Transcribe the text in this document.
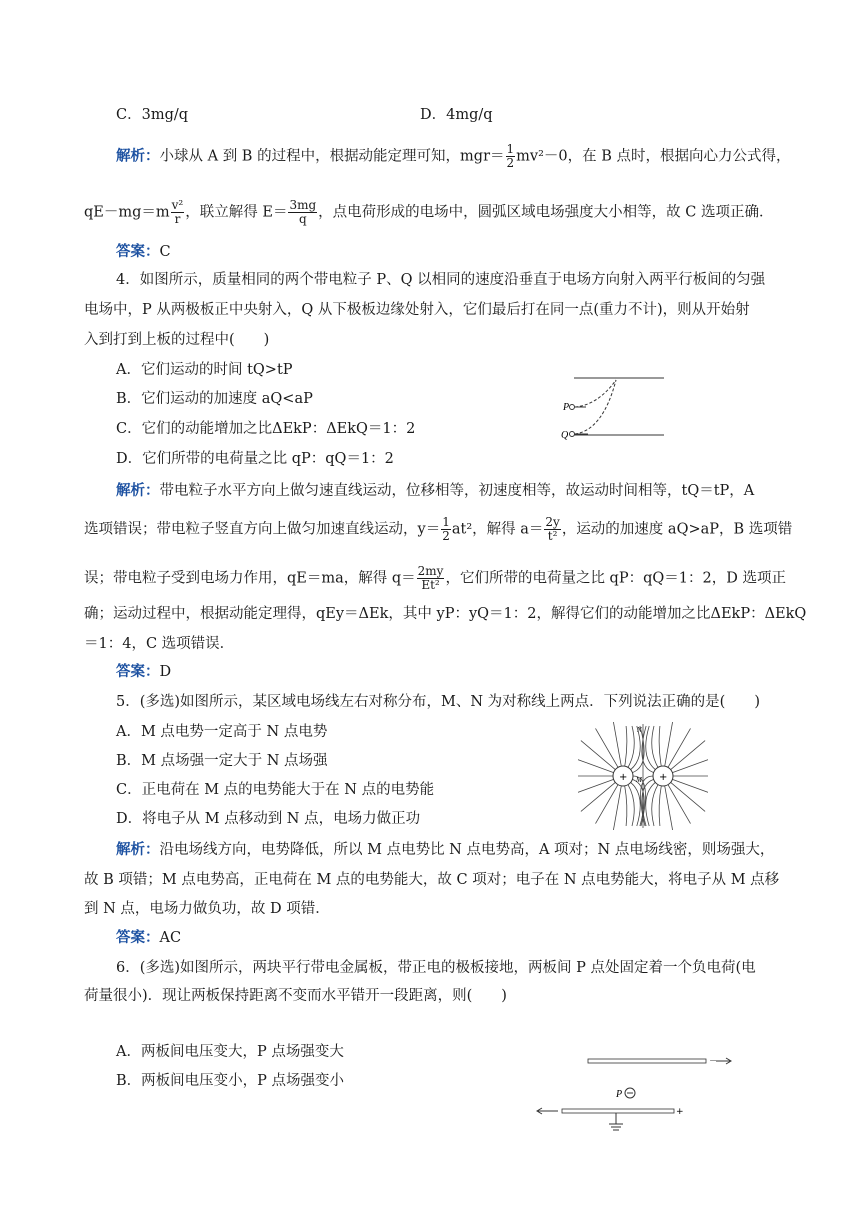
C．3mg/q	D．4mg/q
解析：小球从 A 到 B 的过程中，根据动能定理可知，$mgr= \frac{1}{2} mv^2-0$，在 B 点时，根据向心力公式得，
$qE-mg=m \frac{\text{v²}}{r}$ ，联立解得 $E= \frac{3mg}{q}$ ，点电荷形成的电场中，圆弧区域电场强度大小相等，故 C 选项正确．
答案：C
4．如图所示，质量相同的两个带电粒子 P、Q 以相同的速度沿垂直于电场方向射入两平行板间的匀强
电场中，P 从两极板正中央射入，Q 从下极板边缘处射入，它们最后打在同一点(重力不计)，则从开始射
入到打到上板的过程中(　　)
A．它们运动的时间 tQ>tP
B．它们运动的加速度 aQ<aP
C．它们的动能增加之比ΔEkP：ΔEkQ＝1：2
D．它们所带的电荷量之比 qP：qQ＝1：2
P
Q
解析：带电粒子水平方向上做匀速直线运动，位移相等，初速度相等，故运动时间相等，tQ＝tP，A
选项错误；带电粒子竖直方向上做匀加速直线运动，$y= \frac{1}{2} at^2$，解得 $a= \frac{2y}{\text{t²}}$ ，运动的加速度 aQ>aP，B 选项错
误；带电粒子受到电场力作用，qE＝ma，解得 $q= \frac{2my}{\text{Et²}}$ ，它们所带的电荷量之比 qP：qQ＝1：2，D 选项正
确；运动过程中，根据动能定理得，qEy＝ΔEk，其中 yP：yQ＝1：2，解得它们的动能增加之比ΔEkP：ΔEkQ
＝1：4，C 选项错误．
答案：D
5．(多选)如图所示，某区域电场线左右对称分布，M、N 为对称线上两点．下列说法正确的是(　　)
A．M 点电势一定高于 N 点电势
B．M 点场强一定大于 N 点场强
C．正电荷在 M 点的电势能大于在 N 点的电势能
D．将电子从 M 点移动到 N 点，电场力做正功
N
M
+	+
解析：沿电场线方向，电势降低，所以 M 点电势比 N 点电势高，A 项对；N 点电场线密，则场强大，
故 B 项错；M 点电势高，正电荷在 M 点的电势能大，故 C 项对；电子在 N 点电势能大，将电子从 M 点移
到 N 点，电场力做负功，故 D 项错．
答案：AC
6．(多选)如图所示，两块平行带电金属板，带正电的极板接地，两板间 P 点处固定着一个负电荷(电
荷量很小)．现让两板保持距离不变而水平错开一段距离，则(　　)
A．两板间电压变大，P 点场强变大
B．两板间电压变小，P 点场强变小
－
P
+
